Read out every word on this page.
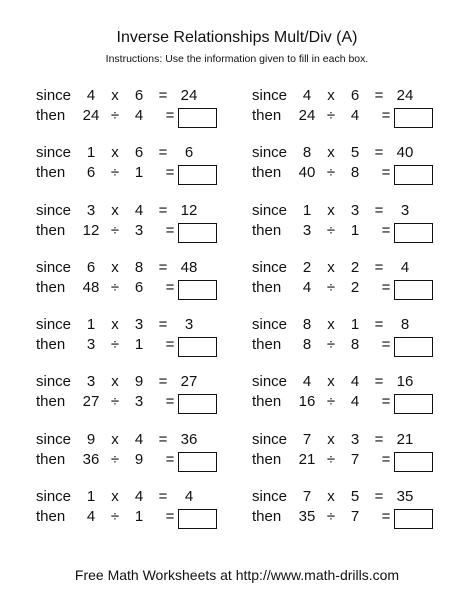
Inverse Relationships Mult/Div (A)
Instructions: Use the information given to fill in each box.
since	4	x	6	= 24
then	24 ÷	4	=
since	4	x	6	= 24
then	24 ÷	4	=
since	1	x	6	=	6
then	6	÷	1	=
since	8	x	5	= 40
then	40 ÷	8	=
since	3	x	4	= 12
then	12 ÷	3	=
since	1	x	3	=	3
then	3	÷	1	=
since	6	x	8	= 48
then	48 ÷	6	=
since	2	x	2	=	4
then	4	÷	2	=
since	1	x	3	=	3
then	3	÷	1	=
since	8	x	1	=	8
then	8	÷	8	=
since	3	x	9	= 27
then	27 ÷	3	=
since	4	x	4	= 16
then	16 ÷	4	=
since	9	x	4	= 36
then	36 ÷	9	=
since	7	x	3	= 21
then	21 ÷	7	=
since	1	x	4	=	4
then	4	÷	1	=
since	7	x	5	= 35
then	35 ÷	7	=
Free Math Worksheets at http://www.math-drills.com
